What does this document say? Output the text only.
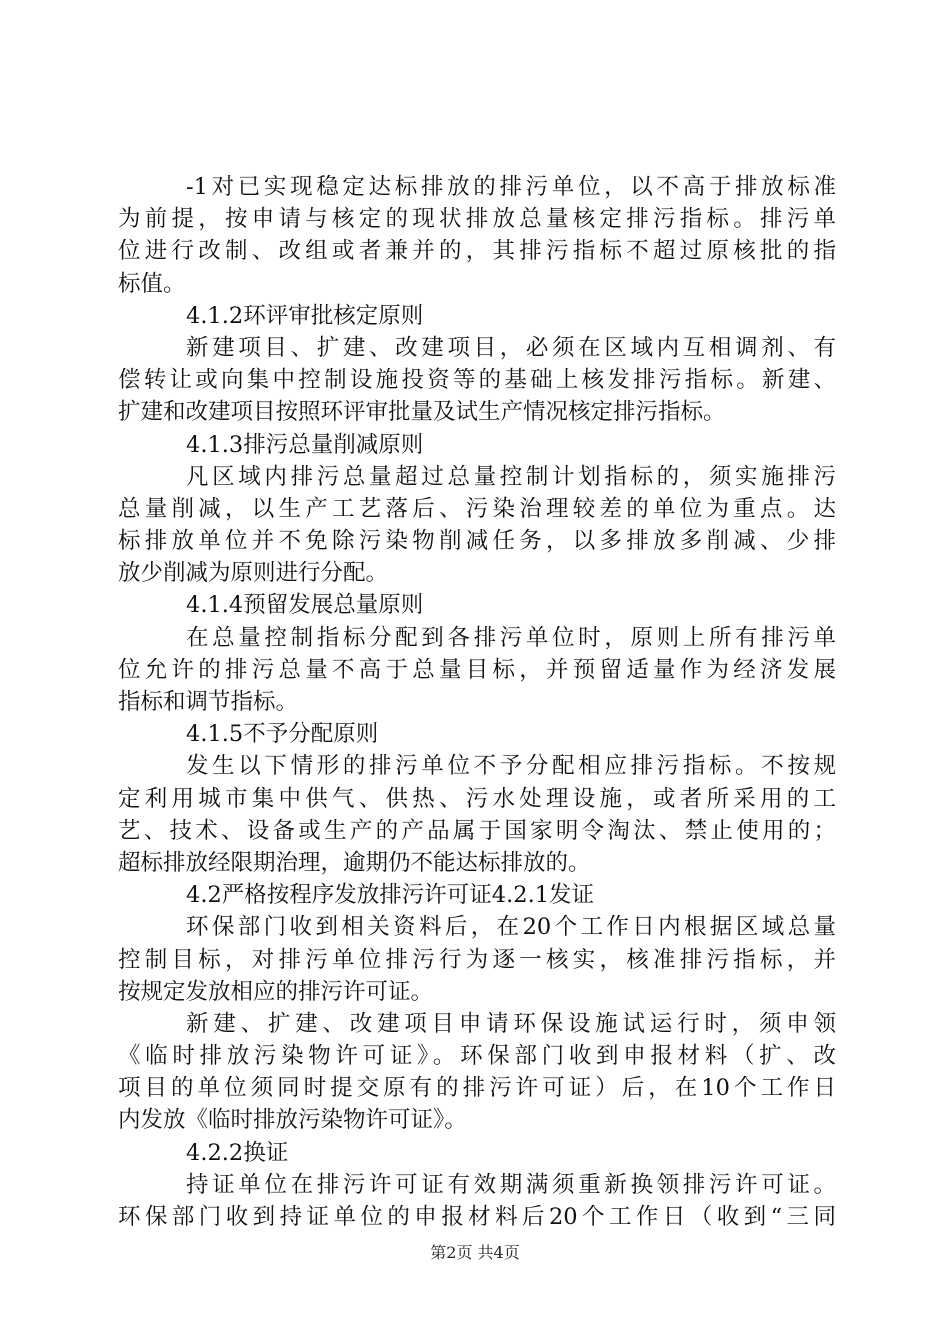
-1对已实现稳定达标排放的排污单位，以不高于排放标准
为前提，按申请与核定的现状排放总量核定排污指标。排污单
位进行改制、改组或者兼并的，其排污指标不超过原核批的指
标值。
4.1.2环评审批核定原则
新建项目、扩建、改建项目，必须在区域内互相调剂、有
偿转让或向集中控制设施投资等的基础上核发排污指标。新建、
扩建和改建项目按照环评审批量及试生产情况核定排污指标。
4.1.3排污总量削减原则
凡区域内排污总量超过总量控制计划指标的，须实施排污
总量削减，以生产工艺落后、污染治理较差的单位为重点。达
标排放单位并不免除污染物削减任务，以多排放多削减、少排
放少削减为原则进行分配。
4.1.4预留发展总量原则
在总量控制指标分配到各排污单位时，原则上所有排污单
位允许的排污总量不高于总量目标，并预留适量作为经济发展
指标和调节指标。
4.1.5不予分配原则
发生以下情形的排污单位不予分配相应排污指标。不按规
定利用城市集中供气、供热、污水处理设施，或者所采用的工
艺、技术、设备或生产的产品属于国家明令淘汰、禁止使用的；
超标排放经限期治理，逾期仍不能达标排放的。
4.2严格按程序发放排污许可证4.2.1发证
环保部门收到相关资料后，在20个工作日内根据区域总量
控制目标，对排污单位排污行为逐一核实，核准排污指标，并
按规定发放相应的排污许可证。
新建、扩建、改建项目申请环保设施试运行时，须申领
《临时排放污染物许可证》。环保部门收到申报材料（扩、改
项目的单位须同时提交原有的排污许可证）后，在10个工作日
内发放《临时排放污染物许可证》。
4.2.2换证
持证单位在排污许可证有效期满须重新换领排污许可证。
环保部门收到持证单位的申报材料后20个工作日（收到“三同
第2页 共4页
